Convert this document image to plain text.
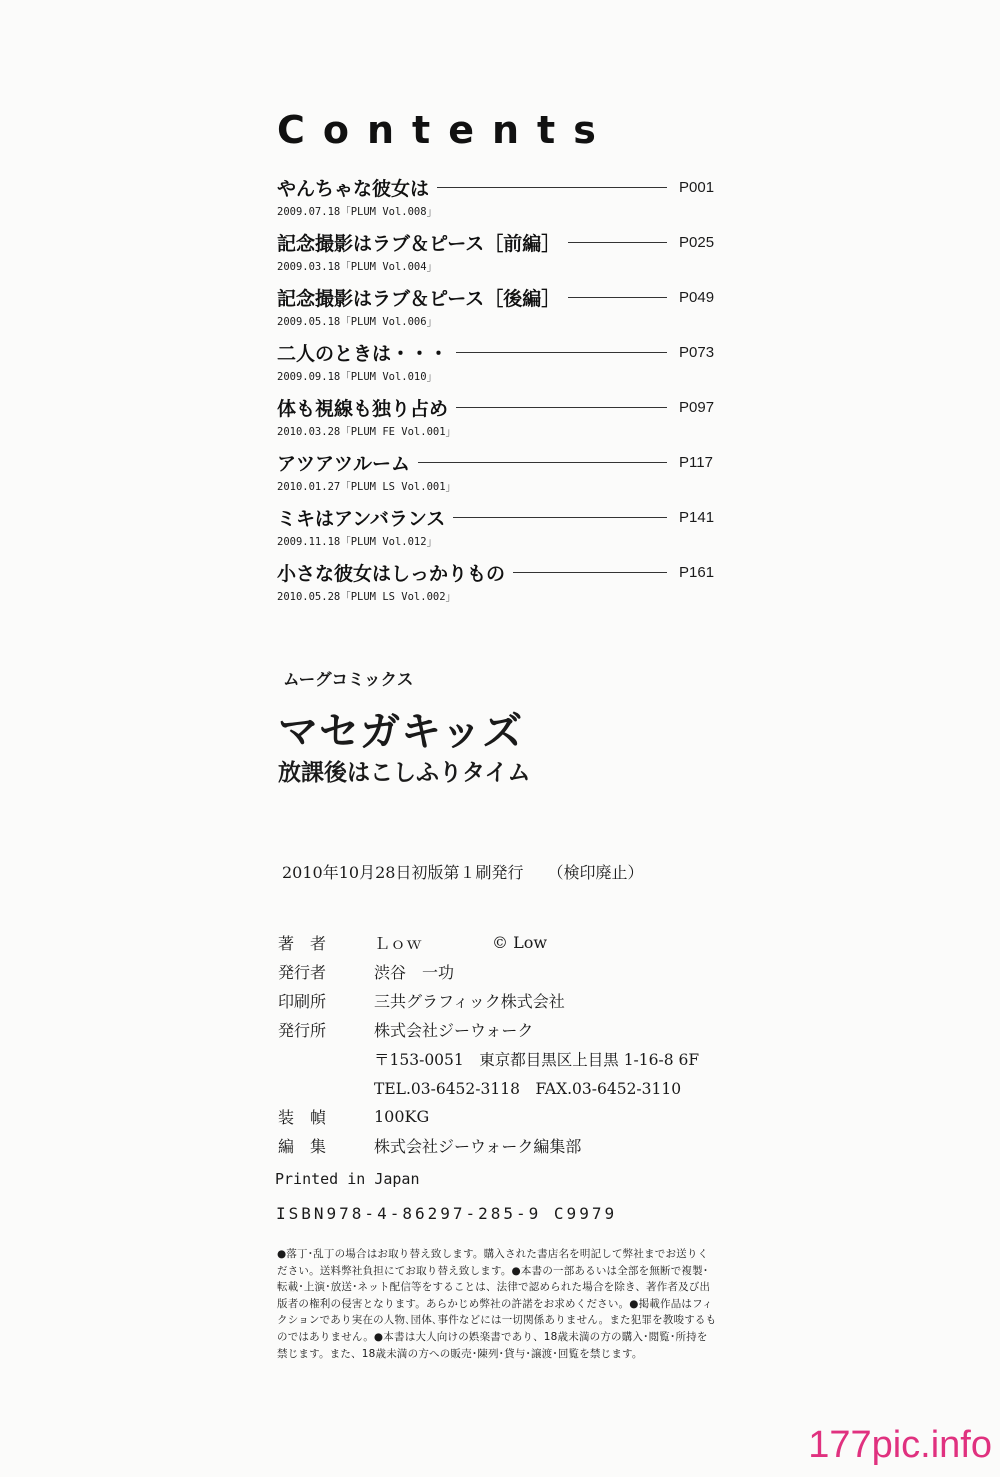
Contents
やんちゃな彼女は	P001
2009.07.18「PLUM Vol.008」
記念撮影はラブ＆ピース［前編］	P025
2009.03.18「PLUM Vol.004」
記念撮影はラブ＆ピース［後編］	P049
2009.05.18「PLUM Vol.006」
二人のときは・・・	P073
2009.09.18「PLUM Vol.010」
体も視線も独り占め	P097
2010.03.28「PLUM FE Vol.001」
アツアツルーム	P117
2010.01.27「PLUM LS Vol.001」
ミキはアンバランス	P141
2009.11.18「PLUM Vol.012」
小さな彼女はしっかりもの	P161
2010.05.28「PLUM LS Vol.002」
ムーグコミックス
マセガキッズ
放課後はこしふりタイム
2010年10月28日初版第１刷発行 （検印廃止）
著　者	Ｌｏｗ	© Low
発行者	渋谷　一功
印刷所	三共グラフィック株式会社
発行所	株式会社ジーウォーク
〒153-0051　東京都目黒区上目黒 1-16-8 6F
TEL.03-6452-3118　FAX.03-6452-3110
装　幀	100KG
編　集	株式会社ジーウォーク編集部
Printed in Japan
ISBN978-4-86297-285-9 C9979
●落丁･乱丁の場合はお取り替え致します。購入された書店名を明記して弊社までお送りください。送料弊社負担にてお取り替え致します。●本書の一部あるいは全部を無断で複製･転載･上演･放送･ネット配信等をすることは、法律で認められた場合を除き、著作者及び出版者の権利の侵害となります。あらかじめ弊社の許諾をお求めください。●掲載作品はフィクションであり実在の人物､団体､事件などには一切関係ありません。また犯罪を教唆するものではありません。●本書は大人向けの娯楽書であり、18歳未満の方の購入･閲覧･所持を禁じます。また、18歳未満の方への販売･陳列･貸与･譲渡･回覧を禁じます。
177pic.info
